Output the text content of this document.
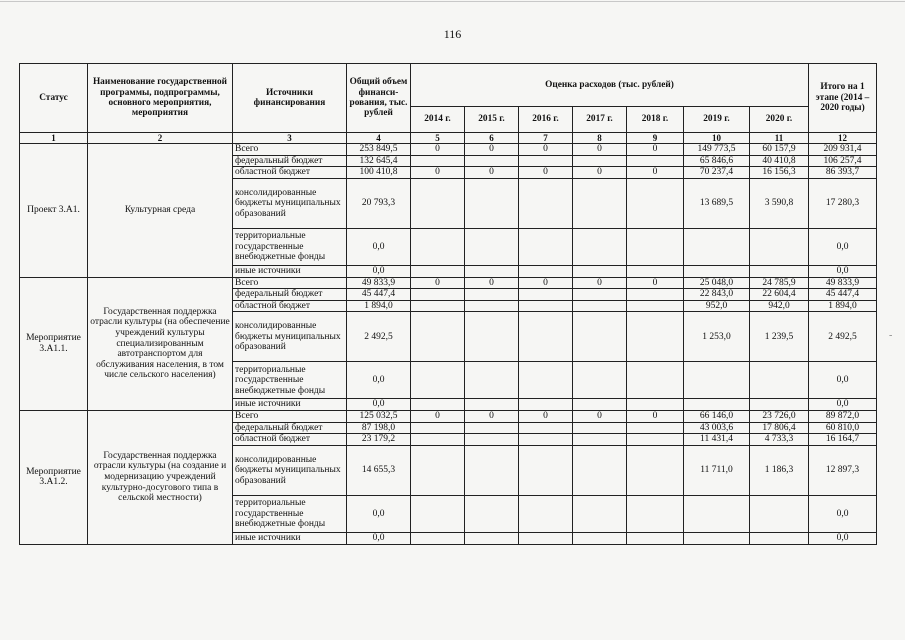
116
Статус	Наименование государственной программы, подпрограммы, основного мероприятия, мероприятия	Источники финансирования	Общий объем финанси-рования, тыс. рублей	Оценка расходов (тыс. рублей)							Итого на 1 этапе (2014 – 2020 годы)
				2014 г.	2015 г.	2016 г.	2017 г.	2018 г.	2019 г.	2020 г.	
1	2	3	4	5	6	7	8	9	10	11	12
Проект 3.А1.	Культурная среда	Всего	253 849,5	0	0	0	0	0	149 773,5	60 157,9	209 931,4
		федеральный бюджет	132 645,4						65 846,6	40 410,8	106 257,4
		областной бюджет	100 410,8	0	0	0	0	0	70 237,4	16 156,3	86 393,7
		консолидированные бюджеты муниципальных образований	20 793,3						13 689,5	3 590,8	17 280,3
		территориальные государственные внебюджетные фонды	0,0								0,0
		иные источники	0,0								0,0
Мероприятие 3.А1.1.	Государственная поддержка отрасли культуры (на обеспечение учреждений культуры специализированным автотранспортом для обслуживания населения, в том числе сельского населения)	Всего	49 833,9	0	0	0	0	0	25 048,0	24 785,9	49 833,9
		федеральный бюджет	45 447,4						22 843,0	22 604,4	45 447,4
		областной бюджет	1 894,0						952,0	942,0	1 894,0
		консолидированные бюджеты муниципальных образований	2 492,5						1 253,0	1 239,5	2 492,5
		территориальные государственные внебюджетные фонды	0,0								0,0
		иные источники	0,0								0,0
Мероприятие 3.А1.2.	Государственная поддержка отрасли культуры (на создание и модернизацию учреждений культурно-досугового типа в сельской местности)	Всего	125 032,5	0	0	0	0	0	66 146,0	23 726,0	89 872,0
		федеральный бюджет	87 198,0						43 003,6	17 806,4	60 810,0
		областной бюджет	23 179,2						11 431,4	4 733,3	16 164,7
		консолидированные бюджеты муниципальных образований	14 655,3						11 711,0	1 186,3	12 897,3
		территориальные государственные внебюджетные фонды	0,0								0,0
		иные источники	0,0								0,0
-
